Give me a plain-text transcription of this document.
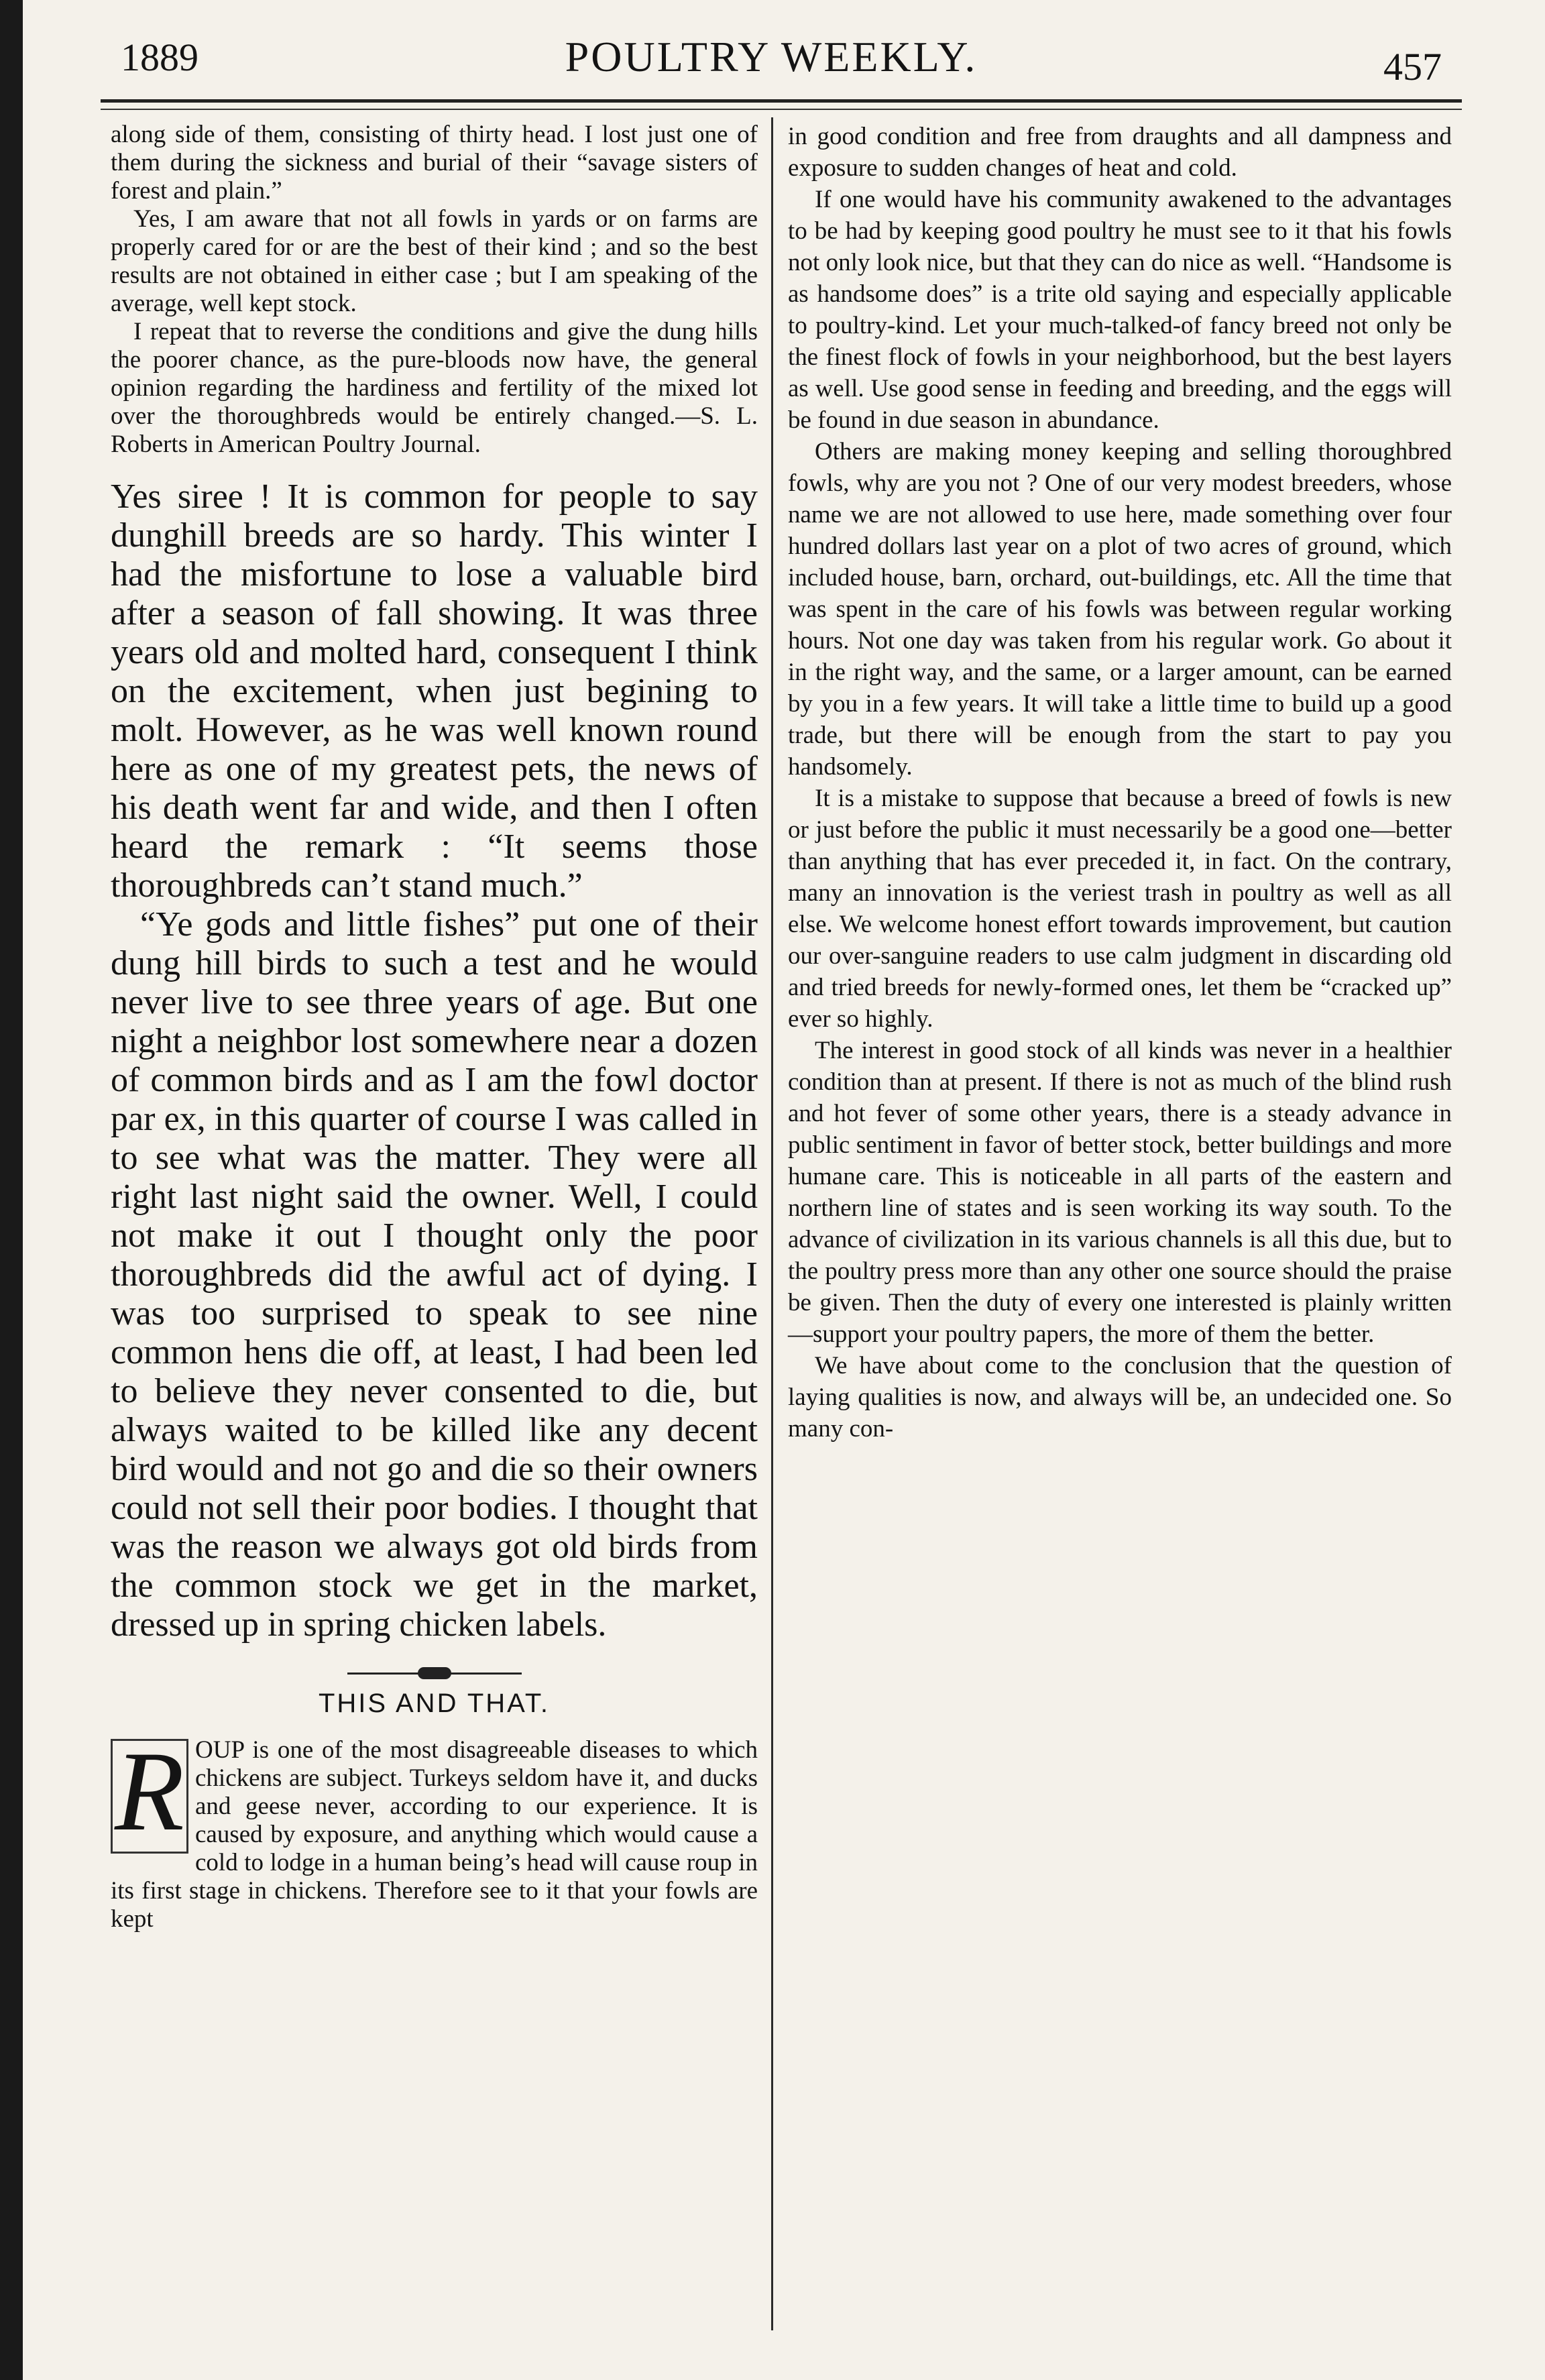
1889	POULTRY WEEKLY.	457

along side of them, consisting of thirty head. I lost just one of them during the sickness and burial of their “savage sisters of forest and plain.”

Yes, I am aware that not all fowls in yards or on farms are properly cared for or are the best of their kind ; and so the best results are not obtained in either case ; but I am speaking of the average, well kept stock.

I repeat that to reverse the conditions and give the dung hills the poorer chance, as the pure-bloods now have, the general opinion regarding the hardiness and fertility of the mixed lot over the thoroughbreds would be entirely changed.—S. L. Roberts in American Poultry Journal.

Yes siree ! It is common for people to say dunghill breeds are so hardy. This winter I had the misfortune to lose a valuable bird after a season of fall showing. It was three years old and molted hard, consequent I think on the excitement, when just begining to molt. However, as he was well known round here as one of my greatest pets, the news of his death went far and wide, and then I often heard the remark : “It seems those thoroughbreds can’t stand much.”

“Ye gods and little fishes” put one of their dung hill birds to such a test and he would never live to see three years of age. But one night a neighbor lost somewhere near a dozen of common birds and as I am the fowl doctor par ex, in this quarter of course I was called in to see what was the matter. They were all right last night said the owner. Well, I could not make it out I thought only the poor thoroughbreds did the awful act of dying. I was too surprised to speak to see nine common hens die off, at least, I had been led to believe they never consented to die, but always waited to be killed like any decent bird would and not go and die so their owners could not sell their poor bodies. I thought that was the reason we always got old birds from the common stock we get in the market, dressed up in spring chicken labels.

THIS AND THAT.
R OUP is one of the most disagreeable diseases to which chickens are subject. Turkeys seldom have it, and ducks and geese never, according to our experience. It is caused by exposure, and anything which would cause a cold to lodge in a human being’s head will cause roup in its first stage in chickens. Therefore see to it that your fowls are kept

in good condition and free from draughts and all dampness and exposure to sudden changes of heat and cold.

If one would have his community awakened to the advantages to be had by keeping good poultry he must see to it that his fowls not only look nice, but that they can do nice as well. “Handsome is as handsome does” is a trite old saying and especially applicable to poultry-kind. Let your much-talked-of fancy breed not only be the finest flock of fowls in your neighborhood, but the best layers as well. Use good sense in feeding and breeding, and the eggs will be found in due season in abundance.

Others are making money keeping and selling thoroughbred fowls, why are you not ? One of our very modest breeders, whose name we are not allowed to use here, made something over four hundred dollars last year on a plot of two acres of ground, which included house, barn, orchard, out-buildings, etc. All the time that was spent in the care of his fowls was between regular working hours. Not one day was taken from his regular work. Go about it in the right way, and the same, or a larger amount, can be earned by you in a few years. It will take a little time to build up a good trade, but there will be enough from the start to pay you handsomely.

It is a mistake to suppose that because a breed of fowls is new or just before the public it must necessarily be a good one—better than anything that has ever preceded it, in fact. On the contrary, many an innovation is the veriest trash in poultry as well as all else. We welcome honest effort towards improvement, but caution our over-sanguine readers to use calm judgment in discarding old and tried breeds for newly-formed ones, let them be “cracked up” ever so highly.

The interest in good stock of all kinds was never in a healthier condition than at present. If there is not as much of the blind rush and hot fever of some other years, there is a steady advance in public sentiment in favor of better stock, better buildings and more humane care. This is noticeable in all parts of the eastern and northern line of states and is seen working its way south. To the advance of civilization in its various channels is all this due, but to the poultry press more than any other one source should the praise be given. Then the duty of every one interested is plainly written—support your poultry papers, the more of them the better.

We have about come to the conclusion that the question of laying qualities is now, and always will be, an undecided one. So many con-
